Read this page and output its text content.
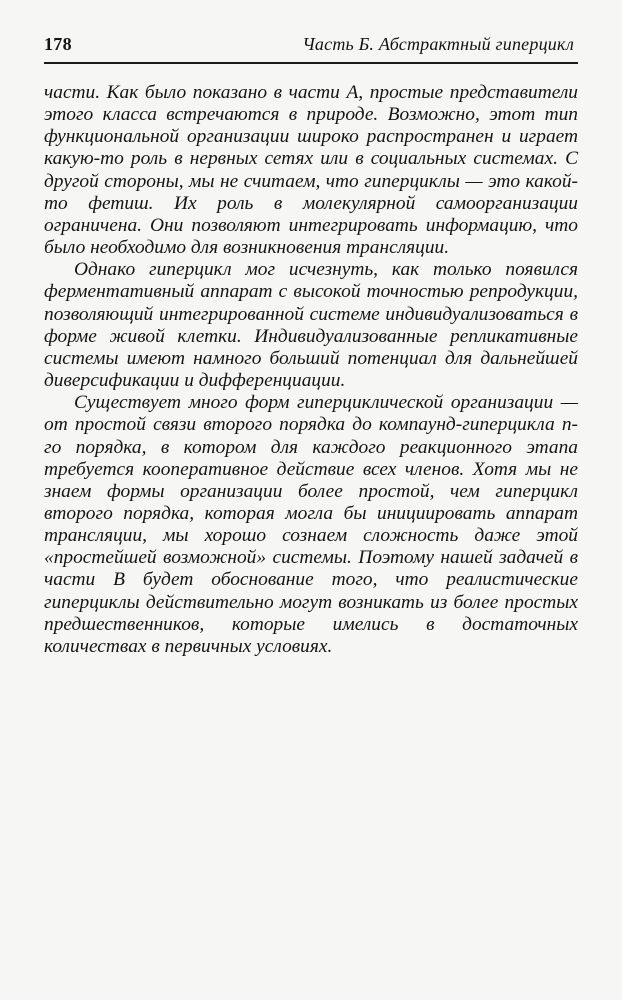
178	Часть Б. Абстрактный гиперцикл

части. Как было показано в части А, простые представители этого класса встречаются в природе. Возможно, этот тип функциональной организации широко распространен и играет какую-то роль в нервных сетях или в социальных системах. С другой стороны, мы не считаем, что гиперциклы — это какой-то фетиш. Их роль в молекулярной самоорганизации ограничена. Они позволяют интегрировать информацию, что было необходимо для возникновения трансляции.

Однако гиперцикл мог исчезнуть, как только появился ферментативный аппарат с высокой точностью репродукции, позволяющий интегрированной системе индивидуализоваться в форме живой клетки. Индивидуализованные репликативные системы имеют намного больший потенциал для дальнейшей диверсификации и дифференциации.

Существует много форм гиперциклической организации — от простой связи второго порядка до компаунд-гиперцикла n-го порядка, в котором для каждого реакционного этапа требуется кооперативное действие всех членов. Хотя мы не знаем формы организации более простой, чем гиперцикл второго порядка, которая могла бы инициировать аппарат трансляции, мы хорошо сознаем сложность даже этой «простейшей возможной» системы. Поэтому нашей задачей в части В будет обоснование того, что реалистические гиперциклы действительно могут возникать из более простых предшественников, которые имелись в достаточных количествах в первичных условиях.
